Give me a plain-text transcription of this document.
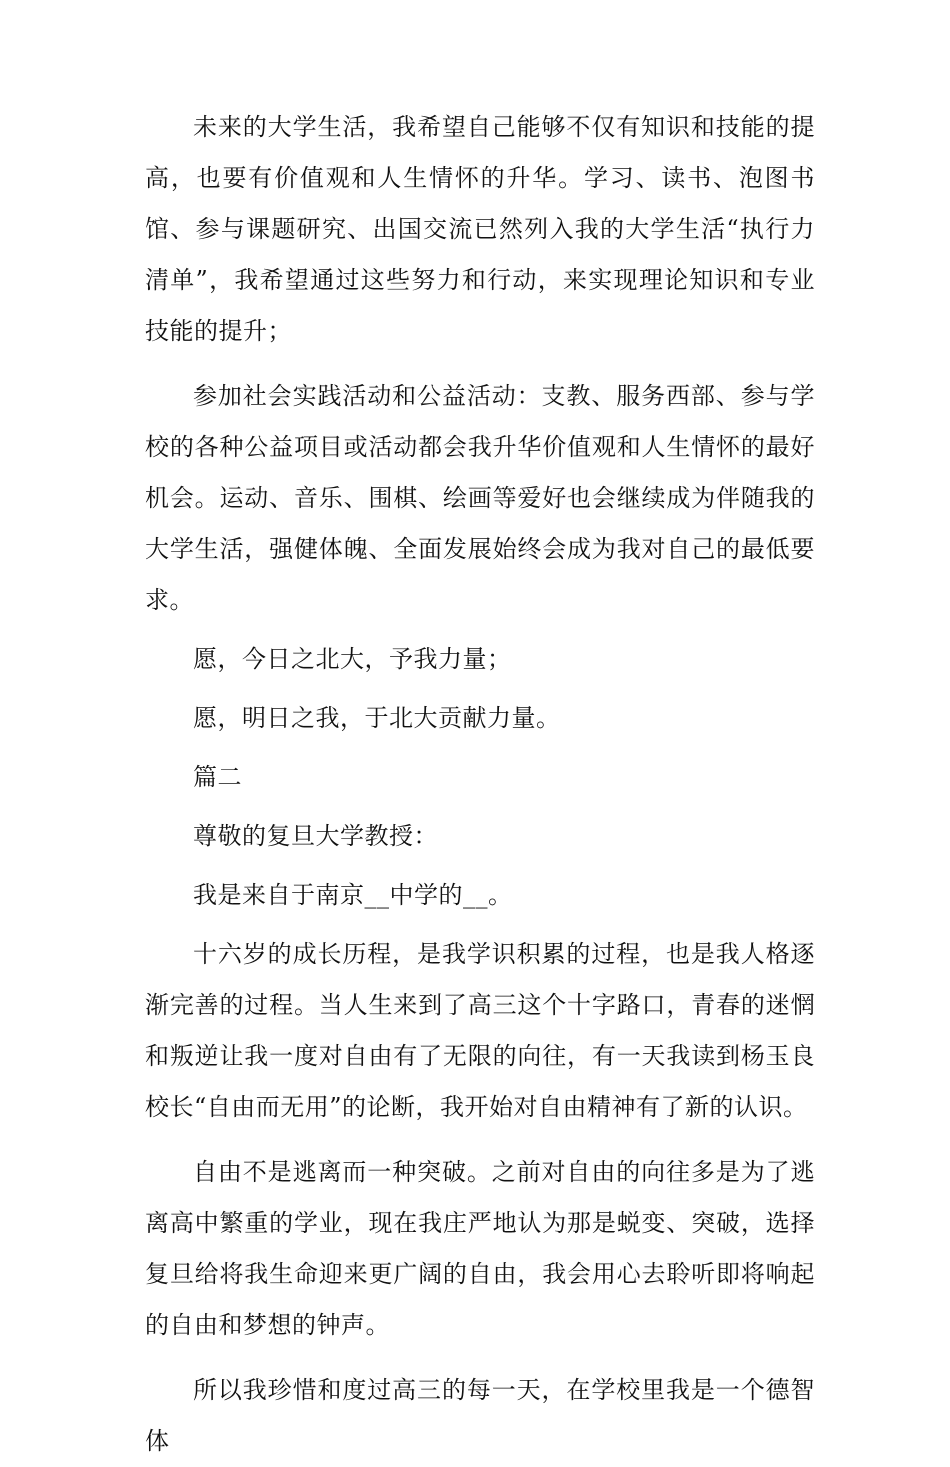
未来的大学生活，我希望自己能够不仅有知识和技能的提高，也要有价值观和人生情怀的升华。学习、读书、泡图书馆、参与课题研究、出国交流已然列入我的大学生活“执行力清单”，我希望通过这些努力和行动，来实现理论知识和专业技能的提升；

参加社会实践活动和公益活动：支教、服务西部、参与学校的各种公益项目或活动都会我升华价值观和人生情怀的最好机会。运动、音乐、围棋、绘画等爱好也会继续成为伴随我的大学生活，强健体魄、全面发展始终会成为我对自己的最低要求。

愿，今日之北大，予我力量；

愿，明日之我，于北大贡献力量。

篇二

尊敬的复旦大学教授：

我是来自于南京__中学的__。

十六岁的成长历程，是我学识积累的过程，也是我人格逐渐完善的过程。当人生来到了高三这个十字路口，青春的迷惘和叛逆让我一度对自由有了无限的向往，有一天我读到杨玉良校长“自由而无用”的论断，我开始对自由精神有了新的认识。

自由不是逃离而一种突破。之前对自由的向往多是为了逃离高中繁重的学业，现在我庄严地认为那是蜕变、突破，选择复旦给将我生命迎来更广阔的自由，我会用心去聆听即将响起的自由和梦想的钟声。

所以我珍惜和度过高三的每一天，在学校里我是一个德智体
